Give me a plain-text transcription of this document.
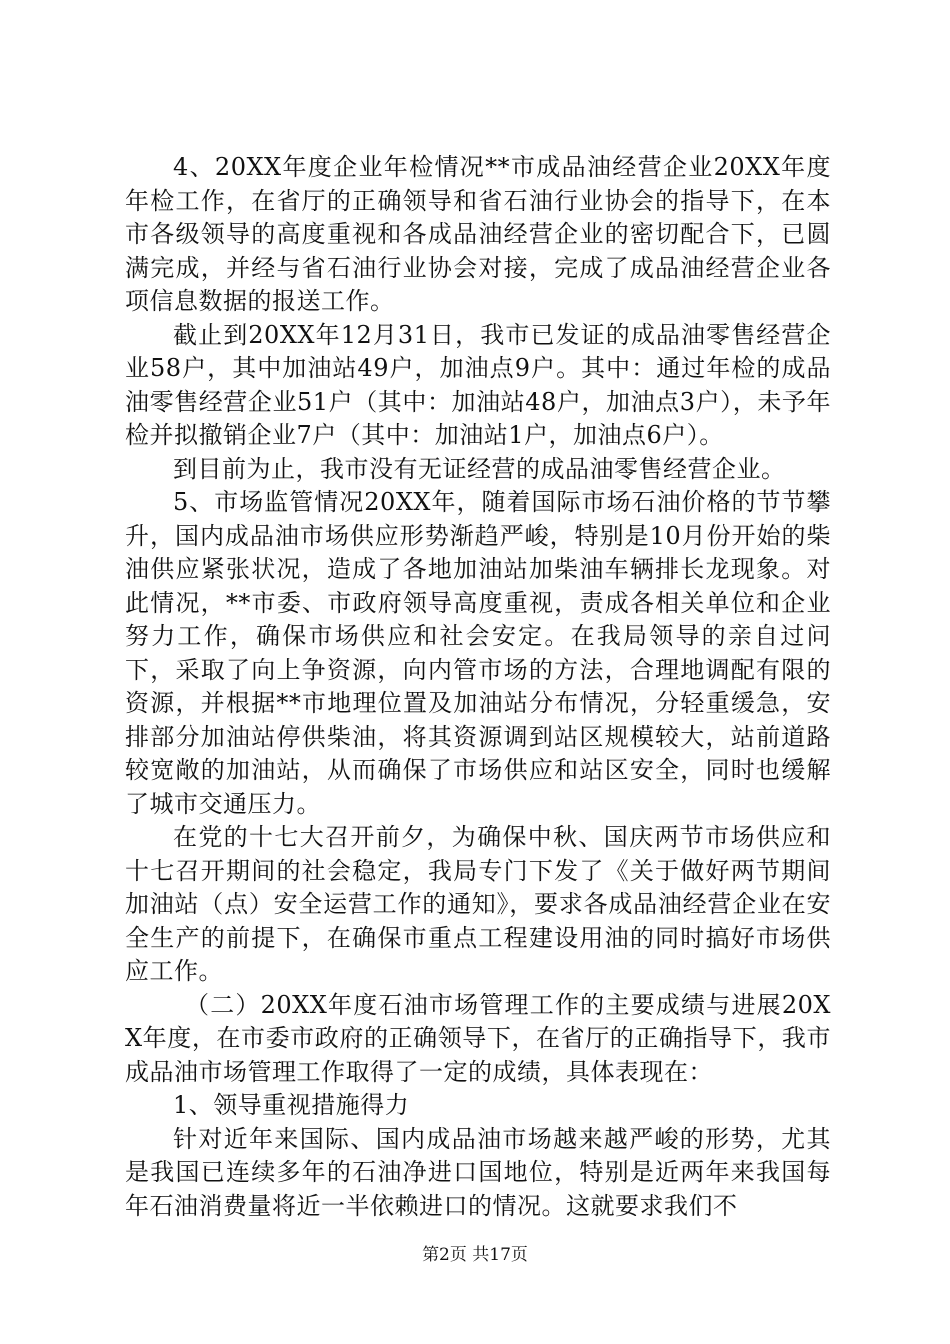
4、20XX年度企业年检情况**市成品油经营企业20XX年度年检工作，在省厅的正确领导和省石油行业协会的指导下，在本市各级领导的高度重视和各成品油经营企业的密切配合下，已圆满完成，并经与省石油行业协会对接，完成了成品油经营企业各项信息数据的报送工作。

截止到20XX年12月31日，我市已发证的成品油零售经营企业58户，其中加油站49户，加油点9户。其中：通过年检的成品油零售经营企业51户（其中：加油站48户，加油点3户），未予年检并拟撤销企业7户（其中：加油站1户，加油点6户）。

到目前为止，我市没有无证经营的成品油零售经营企业。

5、市场监管情况20XX年，随着国际市场石油价格的节节攀升，国内成品油市场供应形势渐趋严峻，特别是10月份开始的柴油供应紧张状况，造成了各地加油站加柴油车辆排长龙现象。对此情况，**市委、市政府领导高度重视，责成各相关单位和企业努力工作，确保市场供应和社会安定。在我局领导的亲自过问下，采取了向上争资源，向内管市场的方法，合理地调配有限的资源，并根据**市地理位置及加油站分布情况，分轻重缓急，安排部分加油站停供柴油，将其资源调到站区规模较大，站前道路较宽敞的加油站，从而确保了市场供应和站区安全，同时也缓解了城市交通压力。

在党的十七大召开前夕，为确保中秋、国庆两节市场供应和十七召开期间的社会稳定，我局专门下发了《关于做好两节期间加油站（点）安全运营工作的通知》，要求各成品油经营企业在安全生产的前提下，在确保市重点工程建设用油的同时搞好市场供应工作。

（二）20XX年度石油市场管理工作的主要成绩与进展20XX年度，在市委市政府的正确领导下，在省厅的正确指导下，我市成品油市场管理工作取得了一定的成绩，具体表现在：

1、领导重视措施得力

针对近年来国际、国内成品油市场越来越严峻的形势，尤其是我国已连续多年的石油净进口国地位，特别是近两年来我国每年石油消费量将近一半依赖进口的情况。这就要求我们不

第2页 共17页
